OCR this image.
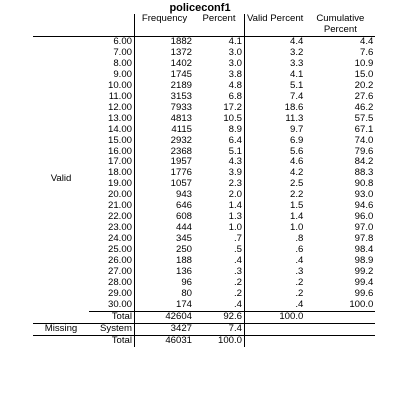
policeconf1
		Frequency	Percent	Valid Percent	Cumulative
Percent
Valid	6.00	1882	4.1	4.4	4.4
	7.00	1372	3.0	3.2	7.6
	8.00	1402	3.0	3.3	10.9
	9.00	1745	3.8	4.1	15.0
	10.00	2189	4.8	5.1	20.2
	11.00	3153	6.8	7.4	27.6
	12.00	7933	17.2	18.6	46.2
	13.00	4813	10.5	11.3	57.5
	14.00	4115	8.9	9.7	67.1
	15.00	2932	6.4	6.9	74.0
	16.00	2368	5.1	5.6	79.6
	17.00	1957	4.3	4.6	84.2
	18.00	1776	3.9	4.2	88.3
	19.00	1057	2.3	2.5	90.8
	20.00	943	2.0	2.2	93.0
	21.00	646	1.4	1.5	94.6
	22.00	608	1.3	1.4	96.0
	23.00	444	1.0	1.0	97.0
	24.00	345	.7	.8	97.8
	25.00	250	.5	.6	98.4
	26.00	188	.4	.4	98.9
	27.00	136	.3	.3	99.2
	28.00	96	.2	.2	99.4
	29.00	80	.2	.2	99.6
	30.00	174	.4	.4	100.0
	Total	42604	92.6	100.0	
Missing	System	3427	7.4		
	Total	46031	100.0		
